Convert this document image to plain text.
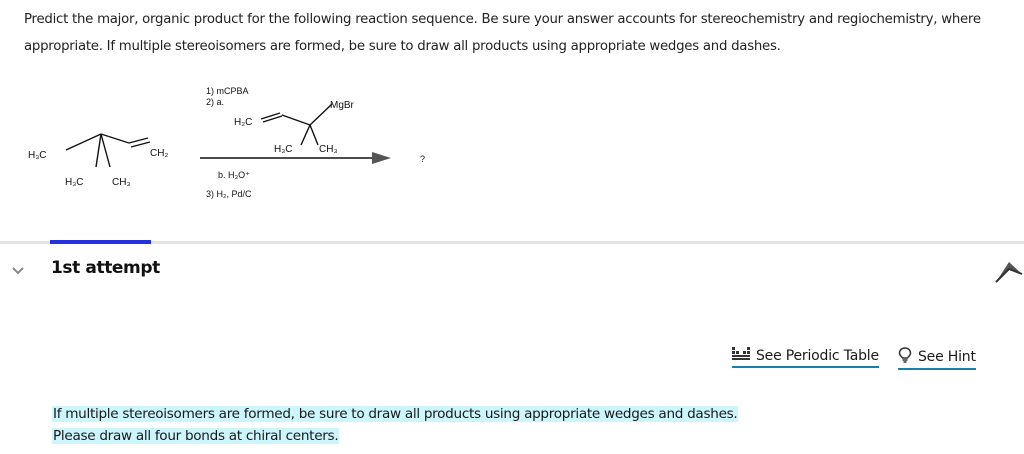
Predict the major, organic product for the following reaction sequence. Be sure your answer accounts for stereochemistry and regiochemistry, where
appropriate. If multiple stereoisomers are formed, be sure to draw all products using appropriate wedges and dashes.
H₃C	CH₂
H₃C	CH₃
1) mCPBA
2) a.
H₂C
MgBr
H₃C	CH₃
b. H₃O⁺
3) H₂, Pd/C
?
1st attempt
See Periodic Table	See Hint
If multiple stereoisomers are formed, be sure to draw all products using appropriate wedges and dashes.
Please draw all four bonds at chiral centers.
